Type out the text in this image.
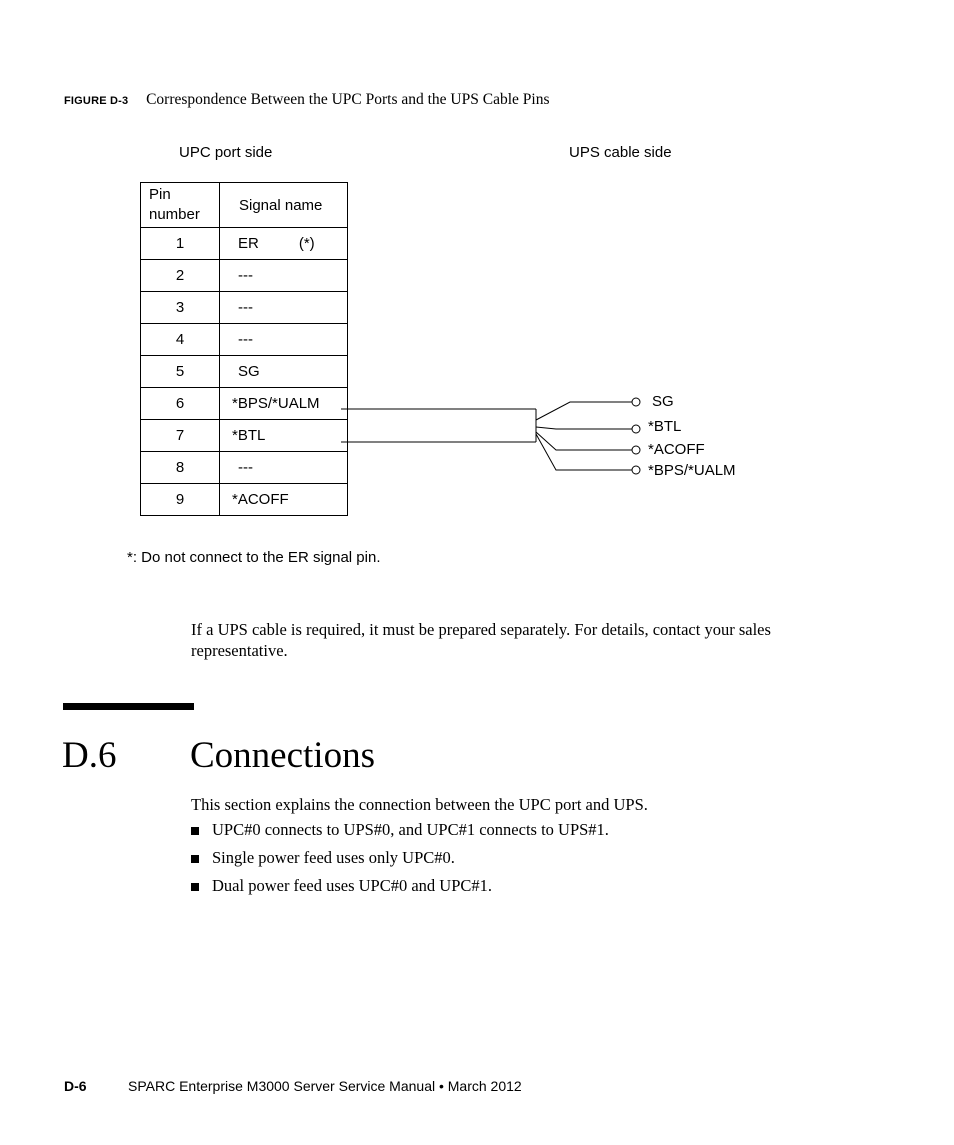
FIGURE D-3 Correspondence Between the UPC Ports and the UPS Cable Pins
UPC port side	UPS cable side
Pin number	Signal name
1	ER (*)
2	---
3	---
4	---
5	SG
6	*BPS/*UALM
7	*BTL
8	---
9	*ACOFF
SG
*BTL
*ACOFF
*BPS/*UALM
*: Do not connect to the ER signal pin.
If a UPS cable is required, it must be prepared separately. For details, contact your sales representative.
D.6 Connections
This section explains the connection between the UPC port and UPS.
UPC#0 connects to UPS#0, and UPC#1 connects to UPS#1.
Single power feed uses only UPC#0.
Dual power feed uses UPC#0 and UPC#1.
D-6	SPARC Enterprise M3000 Server Service Manual • March 2012
